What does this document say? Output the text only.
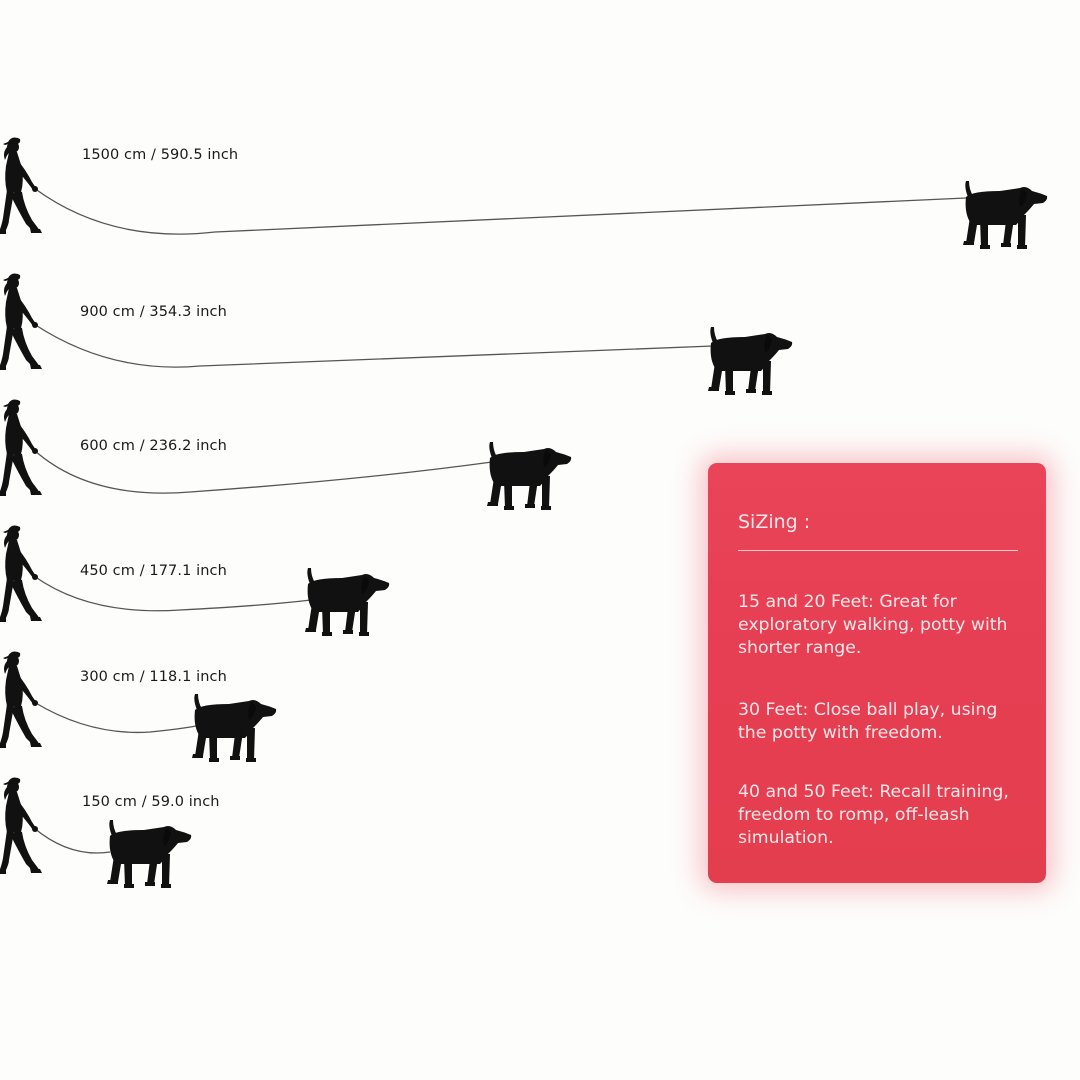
1500 cm / 590.5 inch
900 cm / 354.3 inch
600 cm / 236.2 inch
450 cm / 177.1 inch
300 cm / 118.1 inch
150 cm / 59.0 inch
SiZing :
15 and 20 Feet: Great for exploratory walking, potty with shorter range.
30 Feet: Close ball play, using the potty with freedom.
40 and 50 Feet: Recall training, freedom to romp, off-leash simulation.
